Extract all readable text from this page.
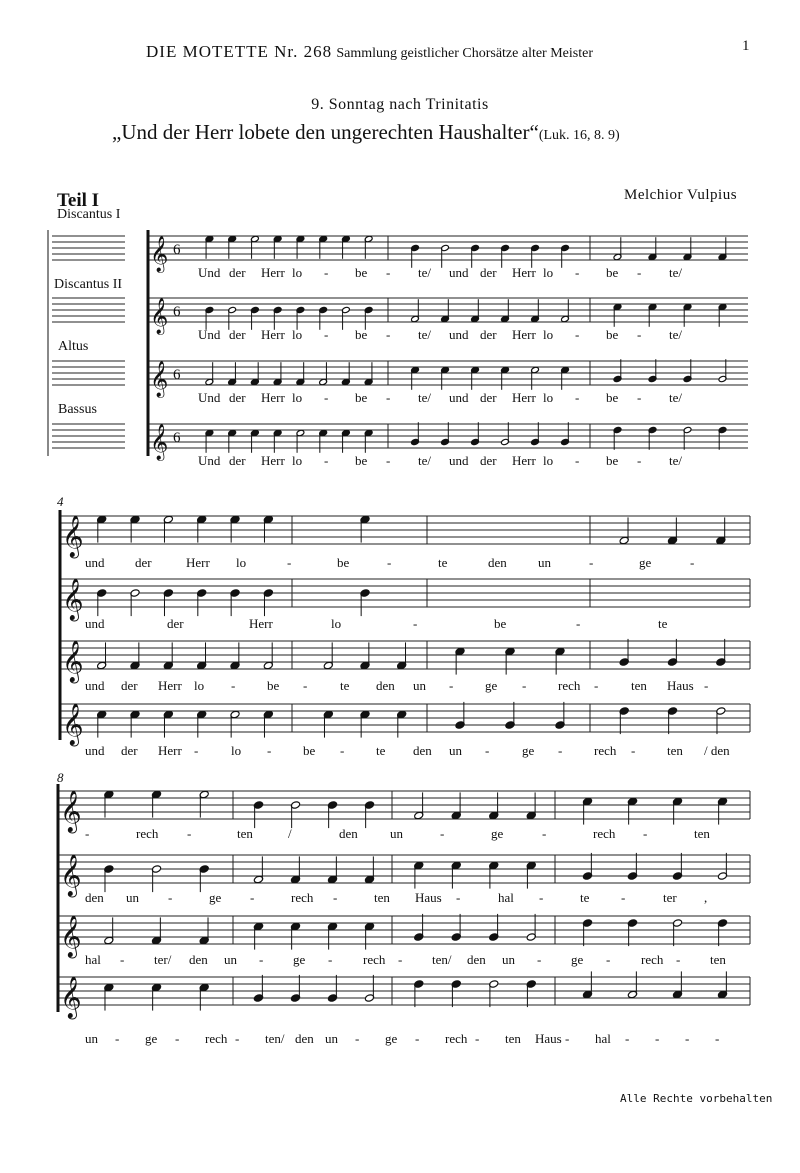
DIE MOTETTE Nr. 268 Sammlung geistlicher Chorsätze alter Meister	1
9. Sonntag nach Trinitatis
„Und der Herr lobete den ungerechten Haushalter“(Luk. 16, 8. 9)
Teil I	Melchior Vulpius
Discantus I
Discantus II
Altus
Bassus
𝄞 6
𝄞 6
𝄞 6
𝄞 6
𝄞
𝄞
𝄞
𝄞
𝄞
𝄞
𝄞
𝄞
4
8
Und der Herr lo - be - te/ und der Herr lo - be - te/
Und der Herr lo - be - te/ und der Herr lo - be - te/
Und der Herr lo - be - te/ und der Herr lo - be - te/
Und der Herr lo - be - te/ und der Herr lo - be - te/
und der	Herr lo	-	be	-	te	den un	-	ge	-
und	der	Herr	lo	-	be	-	te
und der Herr lo - be -	te den un - ge - rech -	ten Haus -
und der Herr -	lo - be - te den un -	ge - rech - ten / den
-	rech -	ten	/	den un	-	ge	-	rech -	ten
den un -	ge -	rech -	ten Haus -	hal -	te -	ter ,
hal - ter/ den un - ge - rech - ten/ den un - ge - rech - ten
un - ge - rech - ten/ den un - ge - rech - ten Haus - hal - - - -
Alle Rechte vorbehalten
